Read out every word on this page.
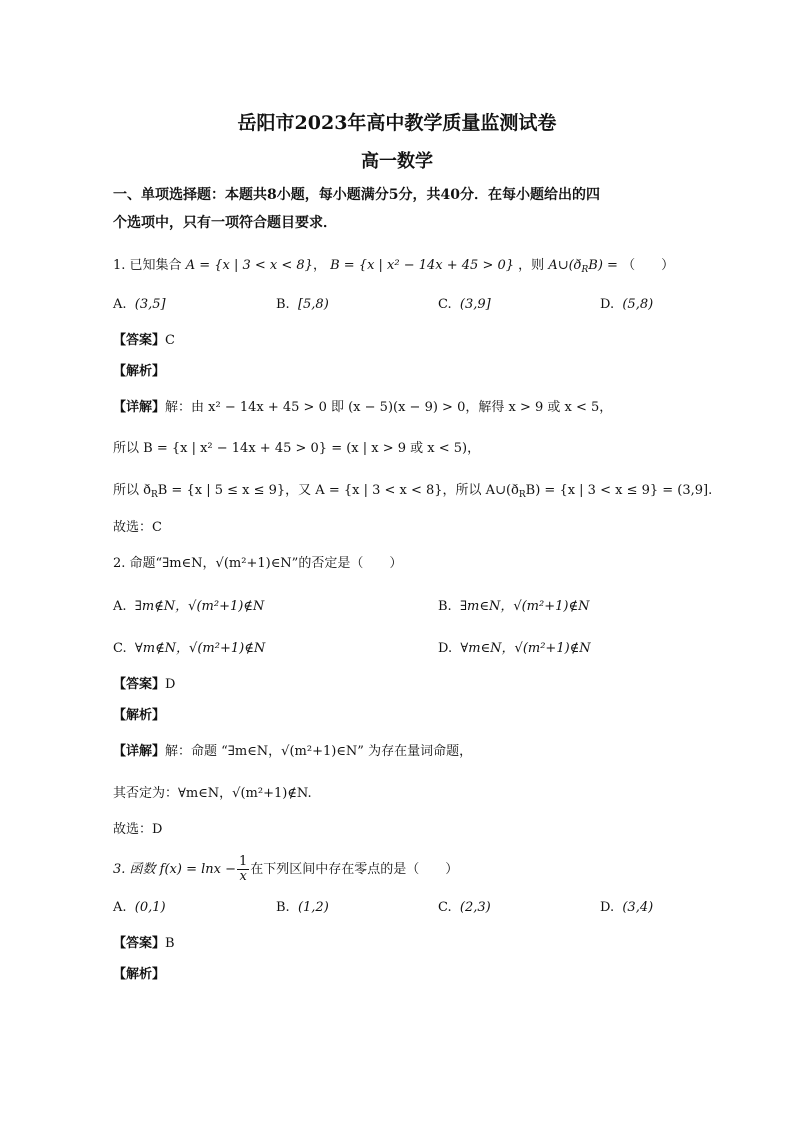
岳阳市2023年高中教学质量监测试卷
高一数学
一、单项选择题：本题共8小题，每小题满分5分，共40分．在每小题给出的四
个选项中，只有一项符合题目要求．
1. 已知集合 A = {x | 3 < x < 8}， B = {x | x² − 14x + 45 > 0} ，则 $A\cup(ð_RB)$ = （　　）
A. (3,5]	B. [5,8)	C. (3,9]	D. (5,8)
【答案】C
【解析】
【详解】解：由 x² − 14x + 45 > 0 即 (x − 5)(x − 9) > 0，解得 x > 9 或 x < 5，
所以 B = {x | x² − 14x + 45 > 0} = (x | x > 9 或 x < 5)，
所以 $ð_RB = \{x$ | 5 ≤ x ≤ 9}，又 A = {x | 3 < x < 8}，所以 $A\cup(ð_RB) = \{x$ | 3 < x ≤ 9} = (3,9].
故选：C
2. 命题“∃m∈N，√(m²+1)∈N”的否定是（　　）
A. ∃m∉N，√(m²+1)∉N	B. ∃m∈N，√(m²+1)∉N
C. ∀m∉N，√(m²+1)∉N	D. ∀m∈N，√(m²+1)∉N
【答案】D
【解析】
【详解】解：命题 “∃m∈N，√(m²+1)∈N” 为存在量词命题，
其否定为：∀m∈N，√(m²+1)∉N.
故选：D
3. 函数 $f(x) = \ln x - \frac{1}{x}$ 在下列区间中存在零点的是（　　）
A. (0,1)	B. (1,2)	C. (2,3)	D. (3,4)
【答案】B
【解析】
